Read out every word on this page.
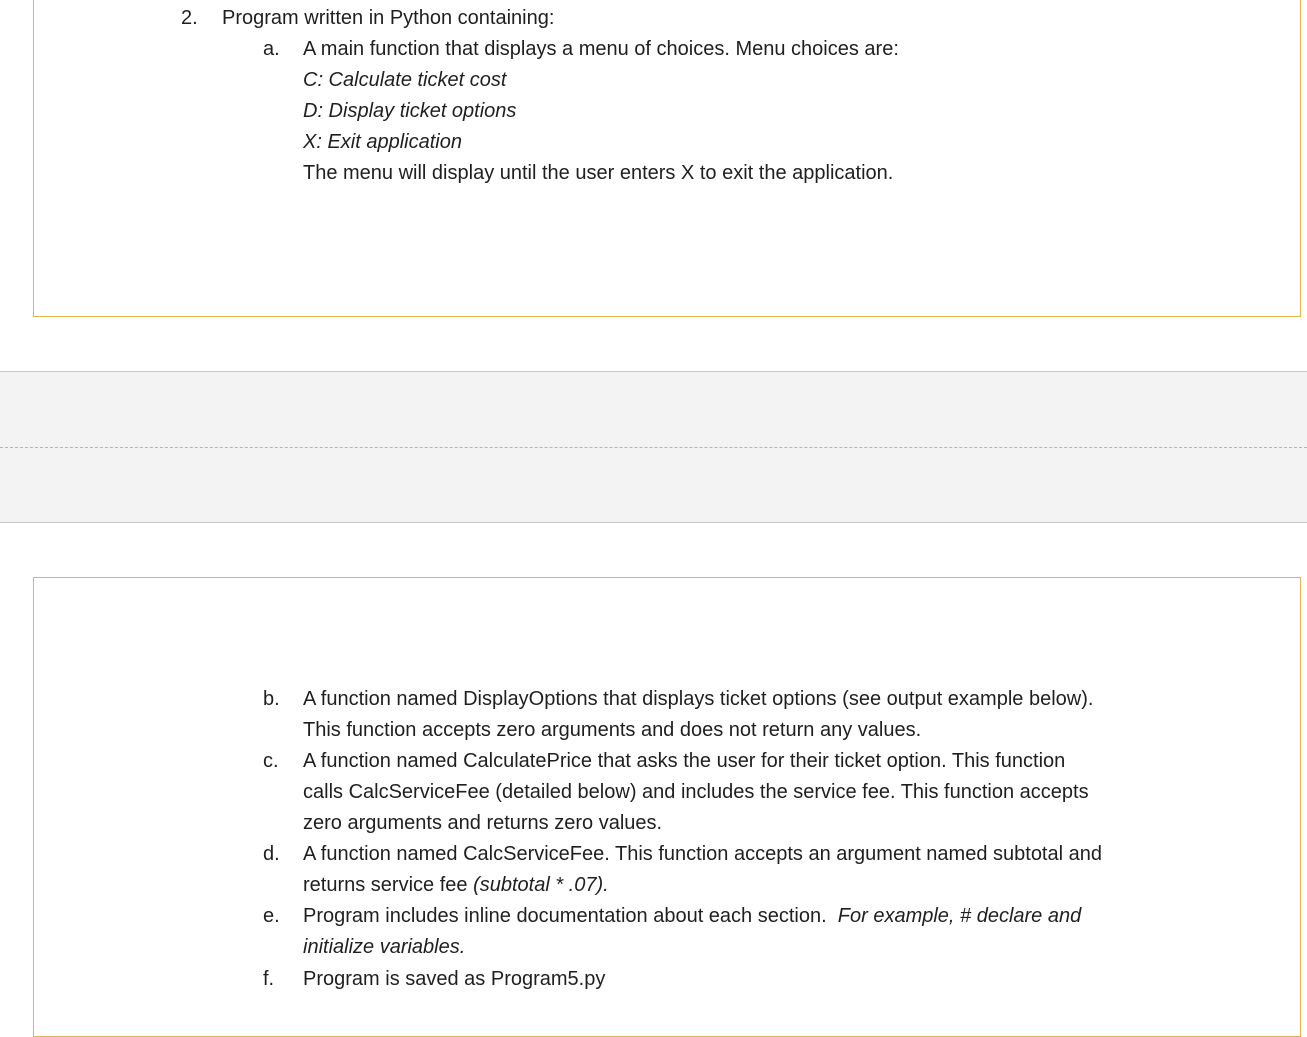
2. Program written in Python containing:
a. A main function that displays a menu of choices. Menu choices are:
C: Calculate ticket cost
D: Display ticket options
X: Exit application
The menu will display until the user enters X to exit the application.
b. A function named DisplayOptions that displays ticket options (see output example below).
This function accepts zero arguments and does not return any values.
c. A function named CalculatePrice that asks the user for their ticket option. This function
calls CalcServiceFee (detailed below) and includes the service fee. This function accepts
zero arguments and returns zero values.
d. A function named CalcServiceFee. This function accepts an argument named subtotal and
returns service fee (subtotal * .07).
e. Program includes inline documentation about each section.  For example, # declare and
initialize variables.
f. Program is saved as Program5.py
